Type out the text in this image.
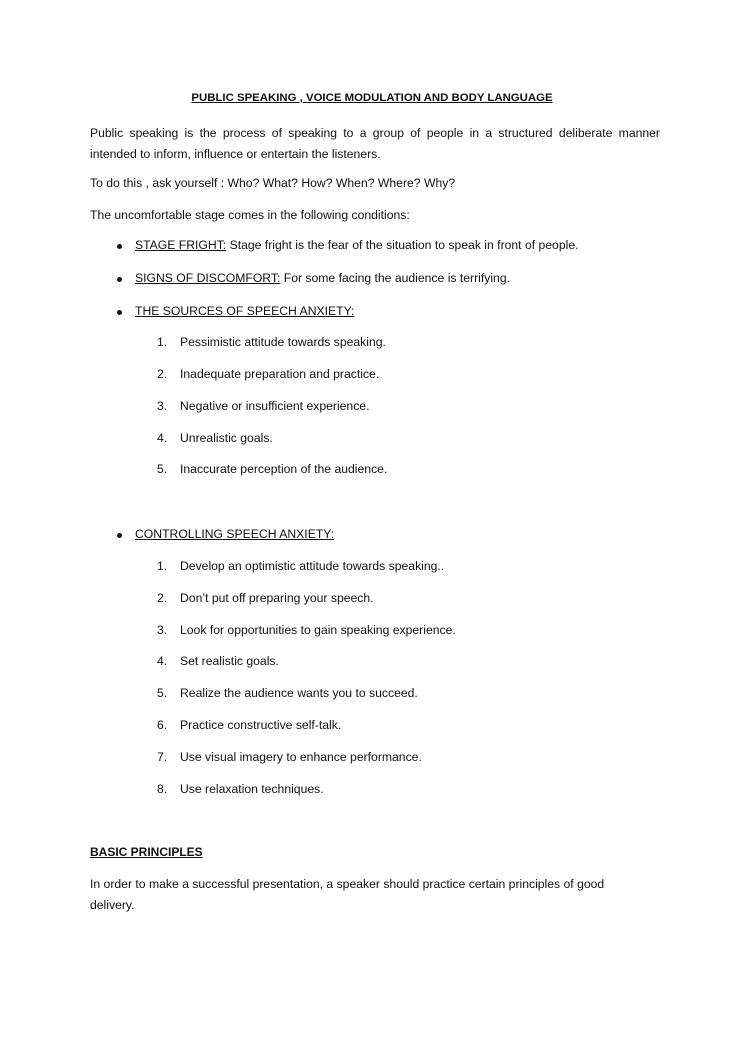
PUBLIC SPEAKING , VOICE MODULATION AND BODY LANGUAGE
Public speaking is the process of speaking to a group of people in a structured deliberate manner intended to inform, influence or entertain the listeners.
To do this , ask yourself : Who? What? How? When? Where? Why?
The uncomfortable stage comes in the following conditions:
STAGE FRIGHT: Stage fright is the fear of the situation to speak in front of people.
SIGNS OF DISCOMFORT: For some facing the audience is terrifying.
THE SOURCES OF SPEECH ANXIETY:
1. Pessimistic attitude towards speaking.
2. Inadequate preparation and practice.
3. Negative or insufficient experience.
4. Unrealistic goals.
5. Inaccurate perception of the audience.
CONTROLLING SPEECH ANXIETY:
1. Develop an optimistic attitude towards speaking..
2. Don’t put off preparing your speech.
3. Look for opportunities to gain speaking experience.
4. Set realistic goals.
5. Realize the audience wants you to succeed.
6. Practice constructive self-talk.
7. Use visual imagery to enhance performance.
8. Use relaxation techniques.
BASIC PRINCIPLES
In order to make a successful presentation, a speaker should practice certain principles of good delivery.
